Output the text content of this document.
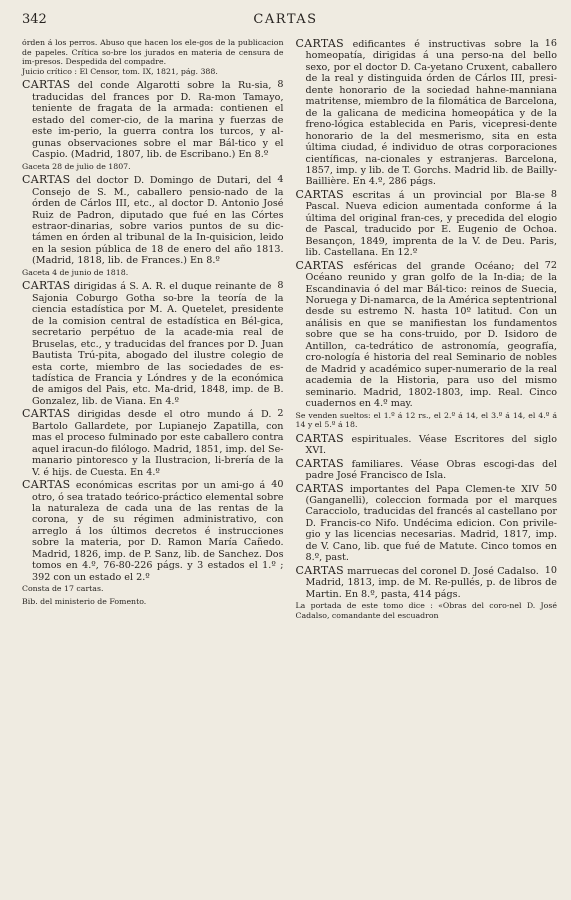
342	CARTAS

órden á los perros. Abuso que hacen los ele-gos de la publicacion de papeles. Crítica so-bre los jurados en materia de censura de im-presos. Despedida del compadre.

Juicio crítico : El Censor, tom. IX, 1821, pág. 388.

8
CARTAS del conde Algarotti sobre la Ru-sia, traducidas del frances por D. Ra-mon Tamayo, teniente de fragata de la armada: contienen el estado del comer-cio, de la marina y fuerzas de este im-perio, la guerra contra los turcos, y al-gunas observaciones sobre el mar Bál-tico y el Caspio. (Madrid, 1807, lib. de Escribano.) En 8.º

Gaceta 28 de julio de 1807.

4
CARTAS del doctor D. Domingo de Dutari, del Consejo de S. M., caballero pensio-nado de la órden de Cárlos III, etc., al doctor D. Antonio José Ruiz de Padron, diputado que fué en las Córtes estraor-dinarias, sobre varios puntos de su dic-támen en órden al tribunal de la In-quisicion, leido en la sesion pública de 18 de enero del año 1813. (Madrid, 1818, lib. de Frances.) En 8.º

Gaceta 4 de junio de 1818.

8
CARTAS dirigidas á S. A. R. el duque reinante de Sajonia Coburgo Gotha so-bre la teoría de la ciencia estadística por M. A. Quetelet, presidente de la comision central de estadística en Bél-gica, secretario perpétuo de la acade-mia real de Bruselas, etc., y traducidas del frances por D. Juan Bautista Trú-pita, abogado del ilustre colegio de esta corte, miembro de las sociedades de es-tadística de Francia y Lóndres y de la económica de amigos del Pais, etc. Ma-drid, 1848, imp. de B. Gonzalez, lib. de Viana. En 4.º

2
CARTAS dirigidas desde el otro mundo á D. Bartolo Gallardete, por Lupianejo Zapatilla, con mas el proceso fulminado por este caballero contra aquel iracun-do filólogo. Madrid, 1851, imp. del Se-manario pintoresco y la Ilustracion, li-brería de la V. é hijs. de Cuesta. En 4.º

40
CARTAS económicas escritas por un ami-go á otro, ó sea tratado teórico-práctico elemental sobre la naturaleza de cada una de las rentas de la corona, y de su régimen administrativo, con arreglo á los últimos decretos é instrucciones sobre la materia, por D. Ramon María Cañedo. Madrid, 1826, imp. de P. Sanz, lib. de Sanchez. Dos tomos en 4.º, 76-80-226 págs. y 3 estados el 1.º ; 392 con un estado el 2.º

Consta de 17 cartas.

Bib. del ministerio de Fomento.

16
CARTAS edificantes é instructivas sobre la homeopatía, dirigidas á una perso-na del bello sexo, por el doctor D. Ca-yetano Cruxent, caballero de la real y distinguida órden de Cárlos III, presi-dente honorario de la sociedad hahne-manniana matritense, miembro de la filomática de Barcelona, de la galicana de medicina homeopática y de la freno-lógica establecida en Paris, vicepresi-dente honorario de la del mesmerismo, sita en esta última ciudad, é individuo de otras corporaciones científicas, na-cionales y estranjeras. Barcelona, 1857, imp. y lib. de T. Gorchs. Madrid lib. de Bailly-Baillière. En 4.º, 286 págs.

8
CARTAS escritas á un provincial por Bla-se Pascal. Nueva edicion aumentada conforme á la última del original fran-ces, y precedida del elogio de Pascal, traducido por E. Eugenio de Ochoa. Besançon, 1849, imprenta de la V. de Deu. Paris, lib. Castellana. En 12.º

72
CARTAS esféricas del grande Océano; del Océano reunido y gran golfo de la In-dia; de la Escandinavia ó del mar Bál-tico: reinos de Suecia, Noruega y Di-namarca, de la América septentrional desde su estremo N. hasta 10º latitud. Con un análisis en que se manifiestan los fundamentos sobre que se ha cons-truido, por D. Isidoro de Antillon, ca-tedrático de astronomía, geografía, cro-nología é historia del real Seminario de nobles de Madrid y académico super-numerario de la real academia de la Historia, para uso del mismo seminario. Madrid, 1802-1803, imp. Real. Cinco cuadernos en 4.º may.

Se venden sueltos: el 1.º á 12 rs., el 2.º á 14, el 3.º á 14, el 4.º á 14 y el 5.º á 18.

CARTAS espirituales. Véase Escritores del siglo XVI.

CARTAS familiares. Véase Obras escogi-das del padre José Francisco de Isla.

50
CARTAS importantes del Papa Clemen-te XIV (Ganganelli), coleccion formada por el marques Caracciolo, traducidas del francés al castellano por D. Francis-co Nifo. Undécima edicion. Con privile-gio y las licencias necesarias. Madrid, 1817, imp. de V. Cano, lib. que fué de Matute. Cinco tomos en 8.º, past.

10
CARTAS marruecas del coronel D. José Cadalso. Madrid, 1813, imp. de M. Re-pullés, p. de libros de Martin. En 8.º, pasta, 414 págs.

La portada de este tomo dice : «Obras del coro-nel D. José Cadalso, comandante del escuadron
